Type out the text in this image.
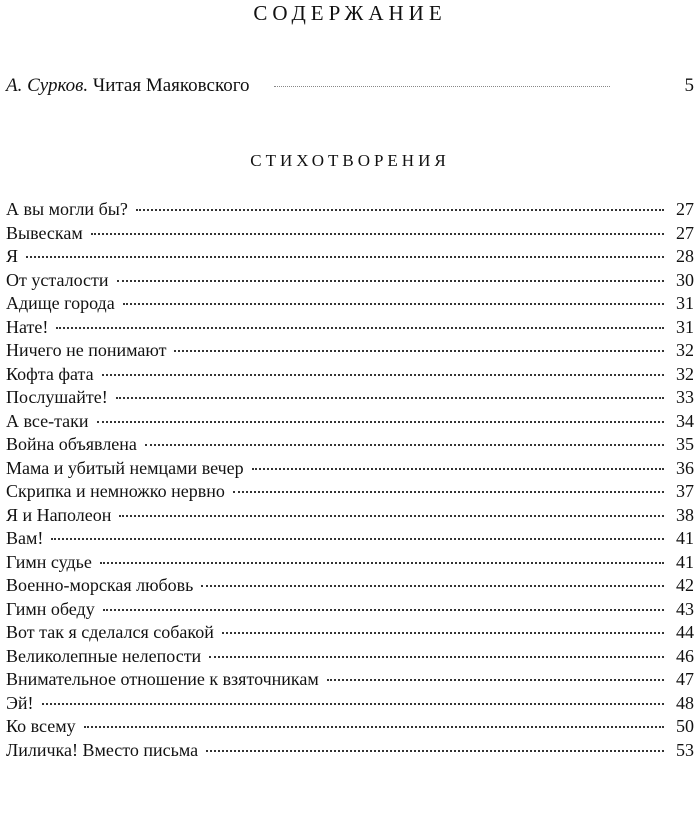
СОДЕРЖАНИЕ
А. Сурков. Читая Маяковского	5
СТИХОТВОРЕНИЯ
А вы могли бы?	27
Вывескам	27
Я	28
От усталости	30
Адище города	31
Нате!	31
Ничего не понимают	32
Кофта фата	32
Послушайте!	33
А все-таки	34
Война объявлена	35
Мама и убитый немцами вечер	36
Скрипка и немножко нервно	37
Я и Наполеон	38
Вам!	41
Гимн судье	41
Военно-морская любовь	42
Гимн обеду	43
Вот так я сделался собакой	44
Великолепные нелепости	46
Внимательное отношение к взяточникам	47
Эй!	48
Ко всему	50
Лиличка! Вместо письма	53
